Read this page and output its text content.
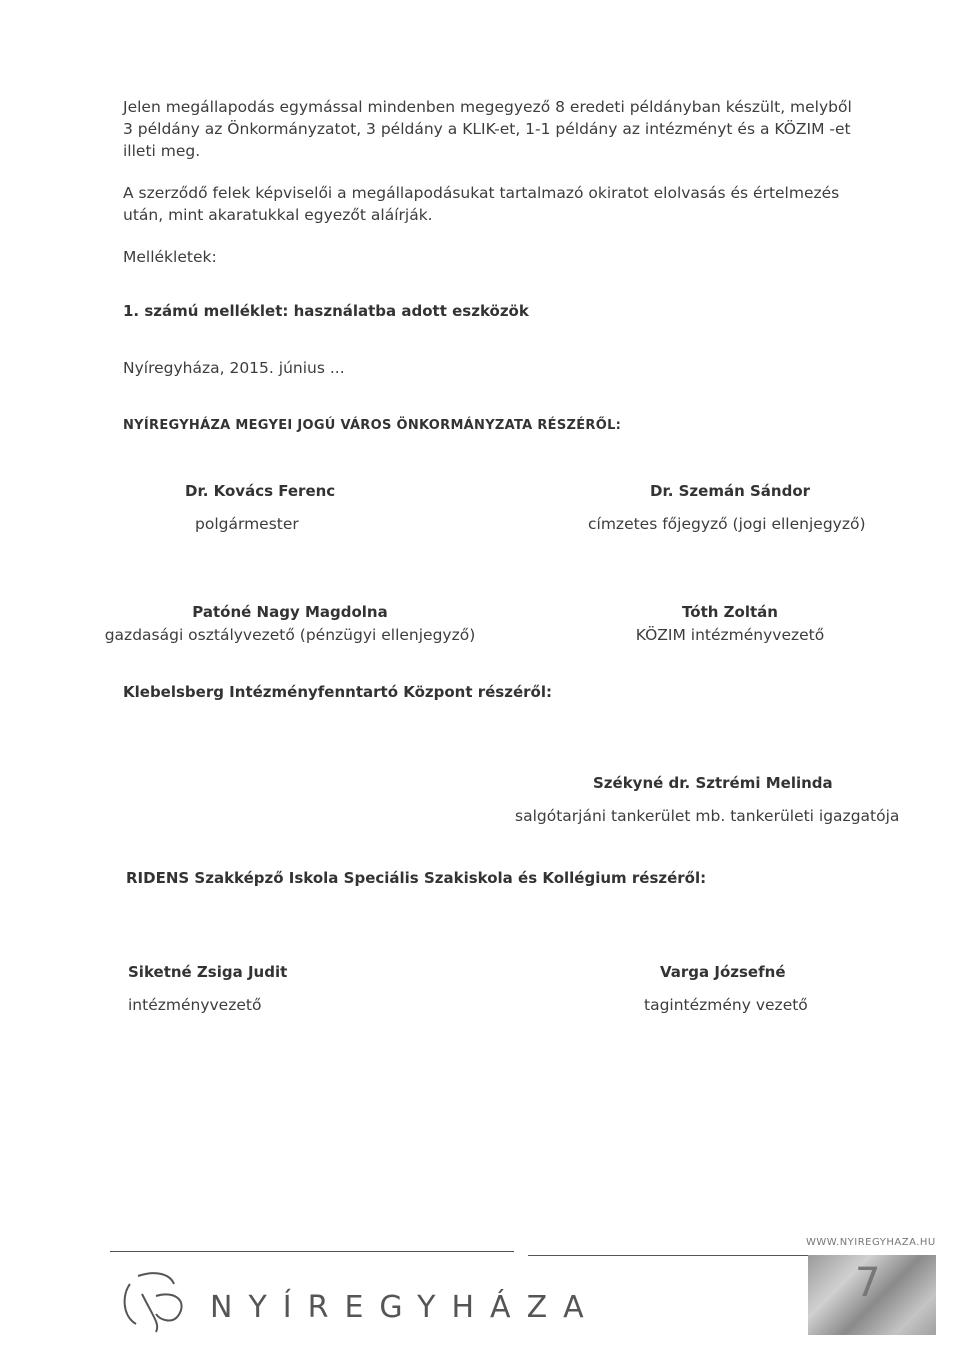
Jelen megállapodás egymással mindenben megegyező 8 eredeti példányban készült, melyből 3 példány az Önkormányzatot, 3 példány a KLIK-et, 1-1 példány az intézményt és a KÖZIM -et illeti meg.
A szerződő felek képviselői a megállapodásukat tartalmazó okiratot elolvasás és értelmezés után, mint akaratukkal egyezőt aláírják.
Mellékletek:
1. számú melléklet: használatba adott eszközök
Nyíregyháza, 2015. június ...
NYÍREGYHÁZA MEGYEI JOGÚ VÁROS ÖNKORMÁNYZATA RÉSZÉRŐL:
Dr. Kovács Ferenc
polgármester
Dr. Szemán Sándor
címzetes főjegyző (jogi ellenjegyző)
Patóné Nagy Magdolna
gazdasági osztályvezető (pénzügyi ellenjegyző)
Tóth Zoltán
KÖZIM intézményvezető
Klebelsberg Intézményfenntartó Központ részéről:
Székyné dr. Sztrémi Melinda
salgótarjáni tankerület mb. tankerületi igazgatója
RIDENS Szakképző Iskola Speciális Szakiskola és Kollégium részéről:
Siketné Zsiga Judit
intézményvezető
Varga Józsefné
tagintézmény vezető
NYÍREGYHÁZA
WWW.NYIREGYHAZA.HU
7
